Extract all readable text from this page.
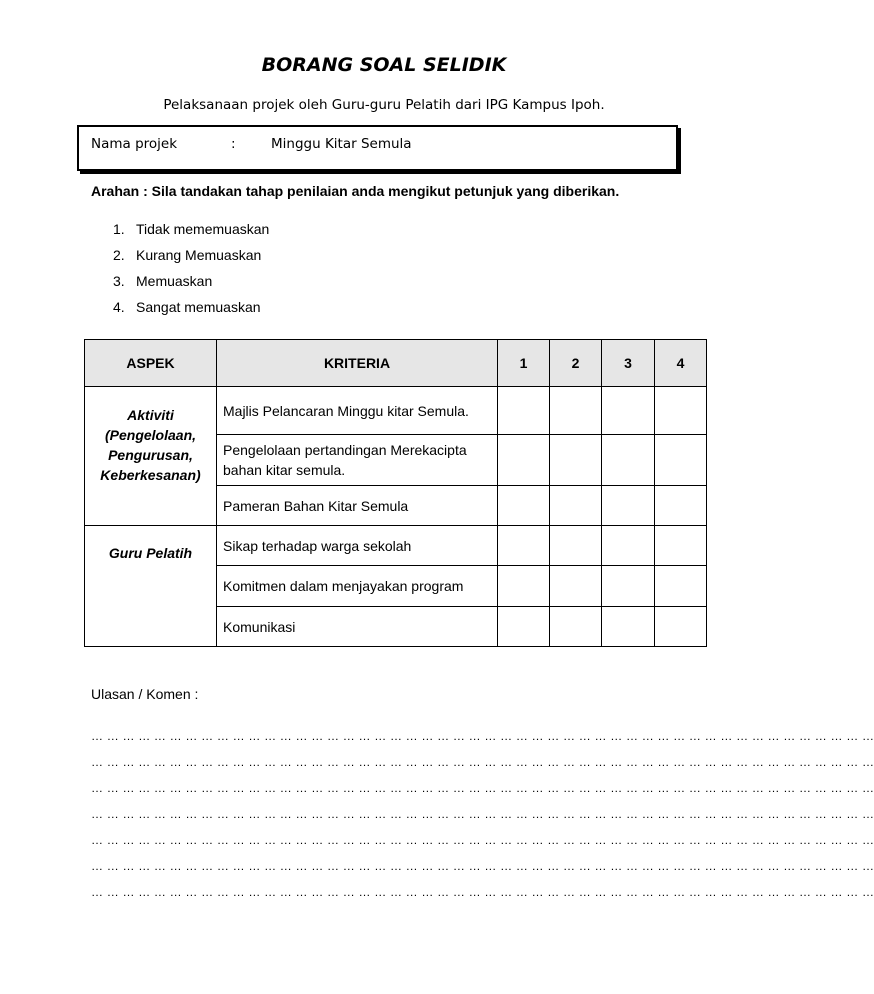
BORANG SOAL SELIDIK
Pelaksanaan projek oleh Guru-guru Pelatih dari IPG Kampus Ipoh.
Nama projek	:	Minggu Kitar Semula
Arahan : Sila tandakan tahap penilaian anda mengikut petunjuk yang diberikan.
1. Tidak mememuaskan
2. Kurang Memuaskan
3. Memuaskan
4. Sangat memuaskan
ASPEK	KRITERIA	1	2	3	4

Aktiviti
(Pengelolaan,
Pengurusan,
Keberkesanan)	Majlis Pelancaran Minggu kitar Semula.				
	Pengelolaan pertandingan Merekacipta bahan kitar semula.				
	Pameran Bahan Kitar Semula				

Guru Pelatih	Sikap terhadap warga sekolah				
	Komitmen dalam menjayakan program				
	Komunikasi				
Ulasan / Komen :
… … … … … … … … … … … … … … … … … … … … … … … … … … … … … … … … … … … … … … … … … … … … … … … … … …
… … … … … … … … … … … … … … … … … … … … … … … … … … … … … … … … … … … … … … … … … … … … … … … … … …
… … … … … … … … … … … … … … … … … … … … … … … … … … … … … … … … … … … … … … … … … … … … … … … … … …
… … … … … … … … … … … … … … … … … … … … … … … … … … … … … … … … … … … … … … … … … … … … … … … … … …
… … … … … … … … … … … … … … … … … … … … … … … … … … … … … … … … … … … … … … … … … … … … … … … … … …
… … … … … … … … … … … … … … … … … … … … … … … … … … … … … … … … … … … … … … … … … … … … … … … … … …
… … … … … … … … … … … … … … … … … … … … … … … … … … … … … … … … … … … … … … … … … … … … … … … … … …
